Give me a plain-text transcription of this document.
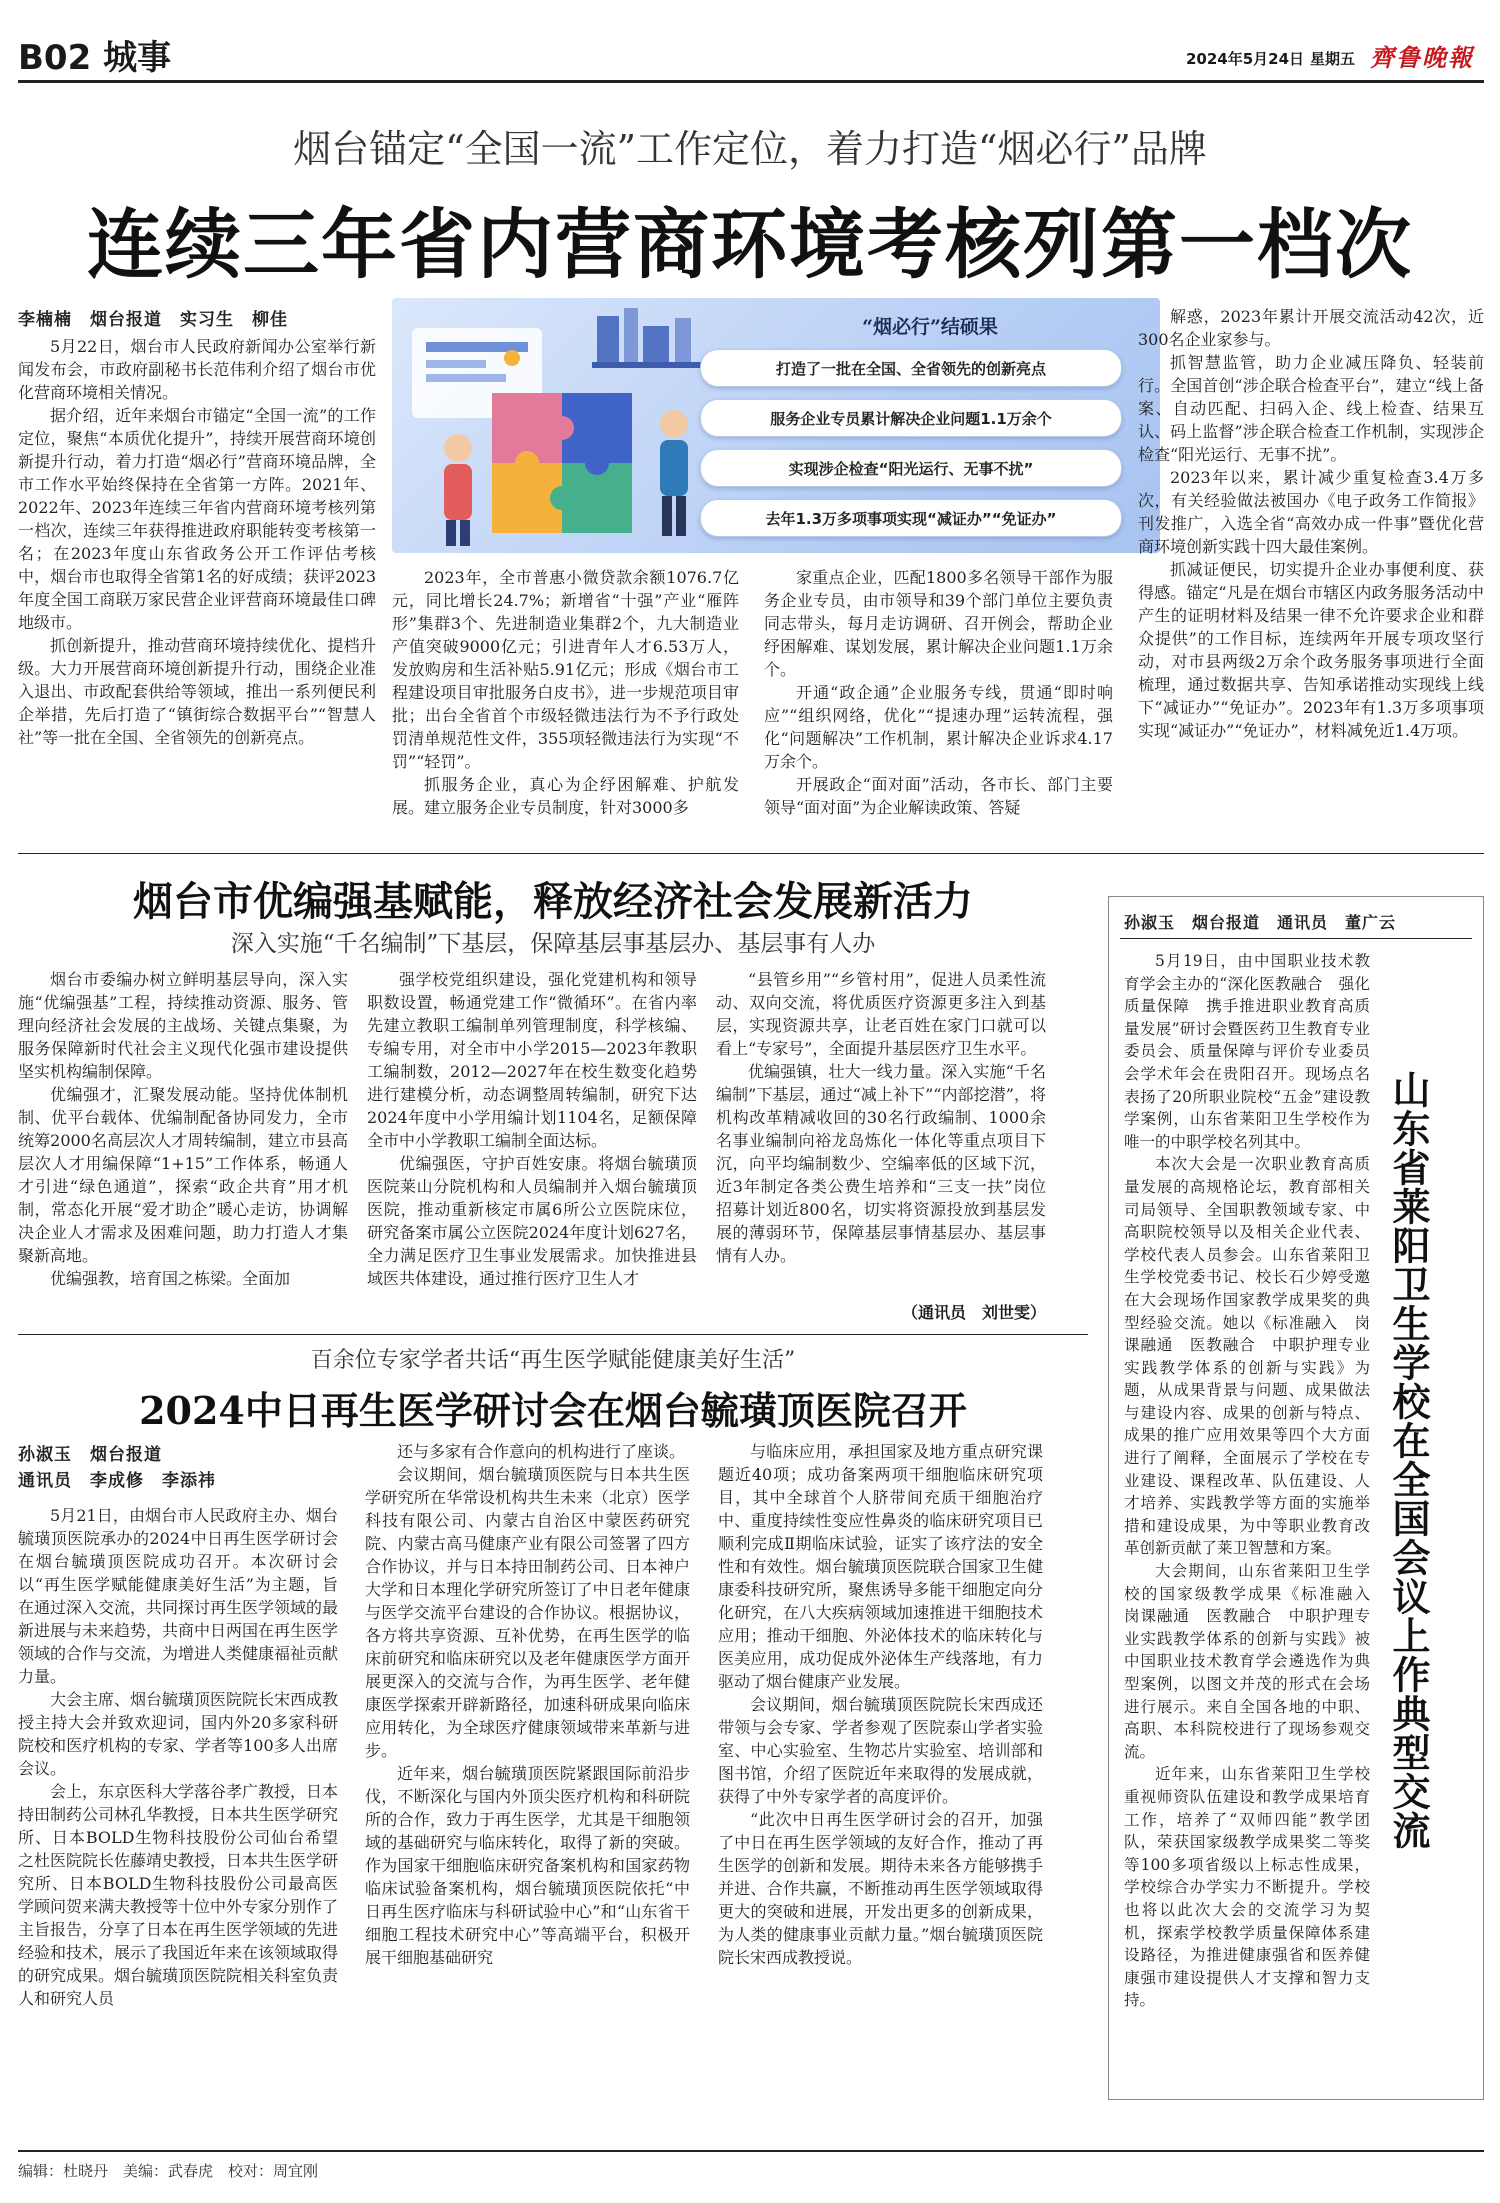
B02 城事	2024年5月24日 星期五 齊鲁晚報
烟台锚定“全国一流”工作定位，着力打造“烟必行”品牌
连续三年省内营商环境考核列第一档次
李楠楠　烟台报道　实习生　柳佳

5月22日，烟台市人民政府新闻办公室举行新闻发布会，市政府副秘书长范伟利介绍了烟台市优化营商环境相关情况。

据介绍，近年来烟台市锚定“全国一流”的工作定位，聚焦“本质优化提升”，持续开展营商环境创新提升行动，着力打造“烟必行”营商环境品牌，全市工作水平始终保持在全省第一方阵。2021年、2022年、2023年连续三年省内营商环境考核列第一档次，连续三年获得推进政府职能转变考核第一名；在2023年度山东省政务公开工作评估考核中，烟台市也取得全省第1名的好成绩；获评2023年度全国工商联万家民营企业评营商环境最佳口碑地级市。

抓创新提升，推动营商环境持续优化、提档升级。大力开展营商环境创新提升行动，围绕企业准入退出、市政配套供给等领域，推出一系列便民利企举措，先后打造了“镇街综合数据平台”“智慧人社”等一批在全国、全省领先的创新亮点。

“烟必行”结硕果
打造了一批在全国、全省领先的创新亮点
服务企业专员累计解决企业问题1.1万余个
实现涉企检查“阳光运行、无事不扰”
去年1.3万多项事项实现“减证办”“免证办”

2023年，全市普惠小微贷款余额1076.7亿元，同比增长24.7%；新增省“十强”产业“雁阵形”集群3个、先进制造业集群2个，九大制造业产值突破9000亿元；引进青年人才6.53万人，发放购房和生活补贴5.91亿元；形成《烟台市工程建设项目审批服务白皮书》，进一步规范项目审批；出台全省首个市级轻微违法行为不予行政处罚清单规范性文件，355项轻微违法行为实现“不罚”“轻罚”。

抓服务企业，真心为企纾困解难、护航发展。建立服务企业专员制度，针对3000多

家重点企业，匹配1800多名领导干部作为服务企业专员，由市领导和39个部门单位主要负责同志带头，每月走访调研、召开例会，帮助企业纾困解难、谋划发展，累计解决企业问题1.1万余个。

开通“政企通”企业服务专线，贯通“即时响应”“组织网络，优化”“提速办理”运转流程，强化“问题解决”工作机制，累计解决企业诉求4.17万余个。

开展政企“面对面”活动，各市长、部门主要领导“面对面”为企业解读政策、答疑

解惑，2023年累计开展交流活动42次，近300名企业家参与。

抓智慧监管，助力企业减压降负、轻装前行。全国首创“涉企联合检查平台”，建立“线上备案、自动匹配、扫码入企、线上检查、结果互认、码上监督”涉企联合检查工作机制，实现涉企检查“阳光运行、无事不扰”。

2023年以来，累计减少重复检查3.4万多次，有关经验做法被国办《电子政务工作简报》刊发推广，入选全省“高效办成一件事”暨优化营商环境创新实践十四大最佳案例。

抓减证便民，切实提升企业办事便利度、获得感。锚定“凡是在烟台市辖区内政务服务活动中产生的证明材料及结果一律不允许要求企业和群众提供”的工作目标，连续两年开展专项攻坚行动，对市县两级2万余个政务服务事项进行全面梳理，通过数据共享、告知承诺推动实现线上线下“减证办”“免证办”。2023年有1.3万多项事项实现“减证办”“免证办”，材料减免近1.4万项。

烟台市优编强基赋能，释放经济社会发展新活力
深入实施“千名编制”下基层，保障基层事基层办、基层事有人办

烟台市委编办树立鲜明基层导向，深入实施“优编强基”工程，持续推动资源、服务、管理向经济社会发展的主战场、关键点集聚，为服务保障新时代社会主义现代化强市建设提供坚实机构编制保障。

优编强才，汇聚发展动能。坚持优体制机制、优平台载体、优编制配备协同发力，全市统筹2000名高层次人才周转编制，建立市县高层次人才用编保障“1+15”工作体系，畅通人才引进“绿色通道”，探索“政企共育”用才机制，常态化开展“爱才助企”暖心走访，协调解决企业人才需求及困难问题，助力打造人才集聚新高地。

优编强教，培育国之栋梁。全面加

强学校党组织建设，强化党建机构和领导职数设置，畅通党建工作“微循环”。在省内率先建立教职工编制单列管理制度，科学核编、专编专用，对全市中小学2015—2023年教职工编制数，2012—2027年在校生数变化趋势进行建模分析，动态调整周转编制，研究下达2024年度中小学用编计划1104名，足额保障全市中小学教职工编制全面达标。

优编强医，守护百姓安康。将烟台毓璜顶医院莱山分院机构和人员编制并入烟台毓璜顶医院，推动重新核定市属6所公立医院床位，研究备案市属公立医院2024年度计划627名，全力满足医疗卫生事业发展需求。加快推进县域医共体建设，通过推行医疗卫生人才

“县管乡用”“乡管村用”，促进人员柔性流动、双向交流，将优质医疗资源更多注入到基层，实现资源共享，让老百姓在家门口就可以看上“专家号”，全面提升基层医疗卫生水平。

优编强镇，壮大一线力量。深入实施“千名编制”下基层，通过“减上补下”“内部挖潜”，将机构改革精减收回的30名行政编制、1000余名事业编制向裕龙岛炼化一体化等重点项目下沉，向平均编制数少、空编率低的区域下沉，近3年制定各类公费生培养和“三支一扶”岗位招募计划近800名，切实将资源投放到基层发展的薄弱环节，保障基层事情基层办、基层事情有人办。

（通讯员　刘世雯）
百余位专家学者共话“再生医学赋能健康美好生活”
2024中日再生医学研讨会在烟台毓璜顶医院召开
孙淑玉　烟台报道
通讯员　李成修　李添祎

5月21日，由烟台市人民政府主办、烟台毓璜顶医院承办的2024中日再生医学研讨会在烟台毓璜顶医院成功召开。本次研讨会以“再生医学赋能健康美好生活”为主题，旨在通过深入交流，共同探讨再生医学领域的最新进展与未来趋势，共商中日两国在再生医学领域的合作与交流，为增进人类健康福祉贡献力量。

大会主席、烟台毓璜顶医院院长宋西成教授主持大会并致欢迎词，国内外20多家科研院校和医疗机构的专家、学者等100多人出席会议。

会上，东京医科大学落谷孝广教授，日本持田制药公司林孔华教授，日本共生医学研究所、日本BOLD生物科技股份公司仙台希望之杜医院院长佐藤靖史教授，日本共生医学研究所、日本BOLD生物科技股份公司最高医学顾问贺来满夫教授等十位中外专家分别作了主旨报告，分享了日本在再生医学领域的先进经验和技术，展示了我国近年来在该领域取得的研究成果。烟台毓璜顶医院院相关科室负责人和研究人员

还与多家有合作意向的机构进行了座谈。

会议期间，烟台毓璜顶医院与日本共生医学研究所在华常设机构共生未来（北京）医学科技有限公司、内蒙古自治区中蒙医药研究院、内蒙古高马健康产业有限公司签署了四方合作协议，并与日本持田制药公司、日本神户大学和日本理化学研究所签订了中日老年健康与医学交流平台建设的合作协议。根据协议，各方将共享资源、互补优势，在再生医学的临床前研究和临床研究以及老年健康医学方面开展更深入的交流与合作，为再生医学、老年健康医学探索开辟新路径，加速科研成果向临床应用转化，为全球医疗健康领域带来革新与进步。

近年来，烟台毓璜顶医院紧跟国际前沿步伐，不断深化与国内外顶尖医疗机构和科研院所的合作，致力于再生医学，尤其是干细胞领域的基础研究与临床转化，取得了新的突破。作为国家干细胞临床研究备案机构和国家药物临床试验备案机构，烟台毓璜顶医院依托“中日再生医疗临床与科研试验中心”和“山东省干细胞工程技术研究中心”等高端平台，积极开展干细胞基础研究

与临床应用，承担国家及地方重点研究课题近40项；成功备案两项干细胞临床研究项目，其中全球首个人脐带间充质干细胞治疗中、重度持续性变应性鼻炎的临床研究项目已顺利完成Ⅱ期临床试验，证实了该疗法的安全性和有效性。烟台毓璜顶医院联合国家卫生健康委科技研究所，聚焦诱导多能干细胞定向分化研究，在八大疾病领域加速推进干细胞技术应用；推动干细胞、外泌体技术的临床转化与医美应用，成功促成外泌体生产线落地，有力驱动了烟台健康产业发展。

会议期间，烟台毓璜顶医院院长宋西成还带领与会专家、学者参观了医院泰山学者实验室、中心实验室、生物芯片实验室、培训部和图书馆，介绍了医院近年来取得的发展成就，获得了中外专家学者的高度评价。

“此次中日再生医学研讨会的召开，加强了中日在再生医学领域的友好合作，推动了再生医学的创新和发展。期待未来各方能够携手并进、合作共赢，不断推动再生医学领域取得更大的突破和进展，开发出更多的创新成果，为人类的健康事业贡献力量。”烟台毓璜顶医院院长宋西成教授说。

孙淑玉　烟台报道　通讯员　董广云

5月19日，由中国职业技术教育学会主办的“深化医教融合　强化质量保障　携手推进职业教育高质量发展”研讨会暨医药卫生教育专业委员会、质量保障与评价专业委员会学术年会在贵阳召开。现场点名表扬了20所职业院校“五金”建设教学案例，山东省莱阳卫生学校作为唯一的中职学校名列其中。

本次大会是一次职业教育高质量发展的高规格论坛，教育部相关司局领导、全国职教领域专家、中高职院校领导以及相关企业代表、学校代表人员参会。山东省莱阳卫生学校党委书记、校长石少婷受邀在大会现场作国家教学成果奖的典型经验交流。她以《标准融入　岗课融通　医教融合　中职护理专业实践教学体系的创新与实践》为题，从成果背景与问题、成果做法与建设内容、成果的创新与特点、成果的推广应用效果等四个大方面进行了阐释，全面展示了学校在专业建设、课程改革、队伍建设、人才培养、实践教学等方面的实施举措和建设成果，为中等职业教育改革创新贡献了莱卫智慧和方案。

大会期间，山东省莱阳卫生学校的国家级教学成果《标准融入　岗课融通　医教融合　中职护理专业实践教学体系的创新与实践》被中国职业技术教育学会遴选作为典型案例，以图文并茂的形式在会场进行展示。来自全国各地的中职、高职、本科院校进行了现场参观交流。

近年来，山东省莱阳卫生学校重视师资队伍建设和教学成果培育工作，培养了“双师四能”教学团队，荣获国家级教学成果奖二等奖等100多项省级以上标志性成果，学校综合办学实力不断提升。学校也将以此次大会的交流学习为契机，探索学校教学质量保障体系建设路径，为推进健康强省和医养健康强市建设提供人才支撑和智力支持。

山东省莱阳卫生学校在全国会议上作典型交流
编辑：杜晓丹　美编：武春虎　校对：周宜刚
